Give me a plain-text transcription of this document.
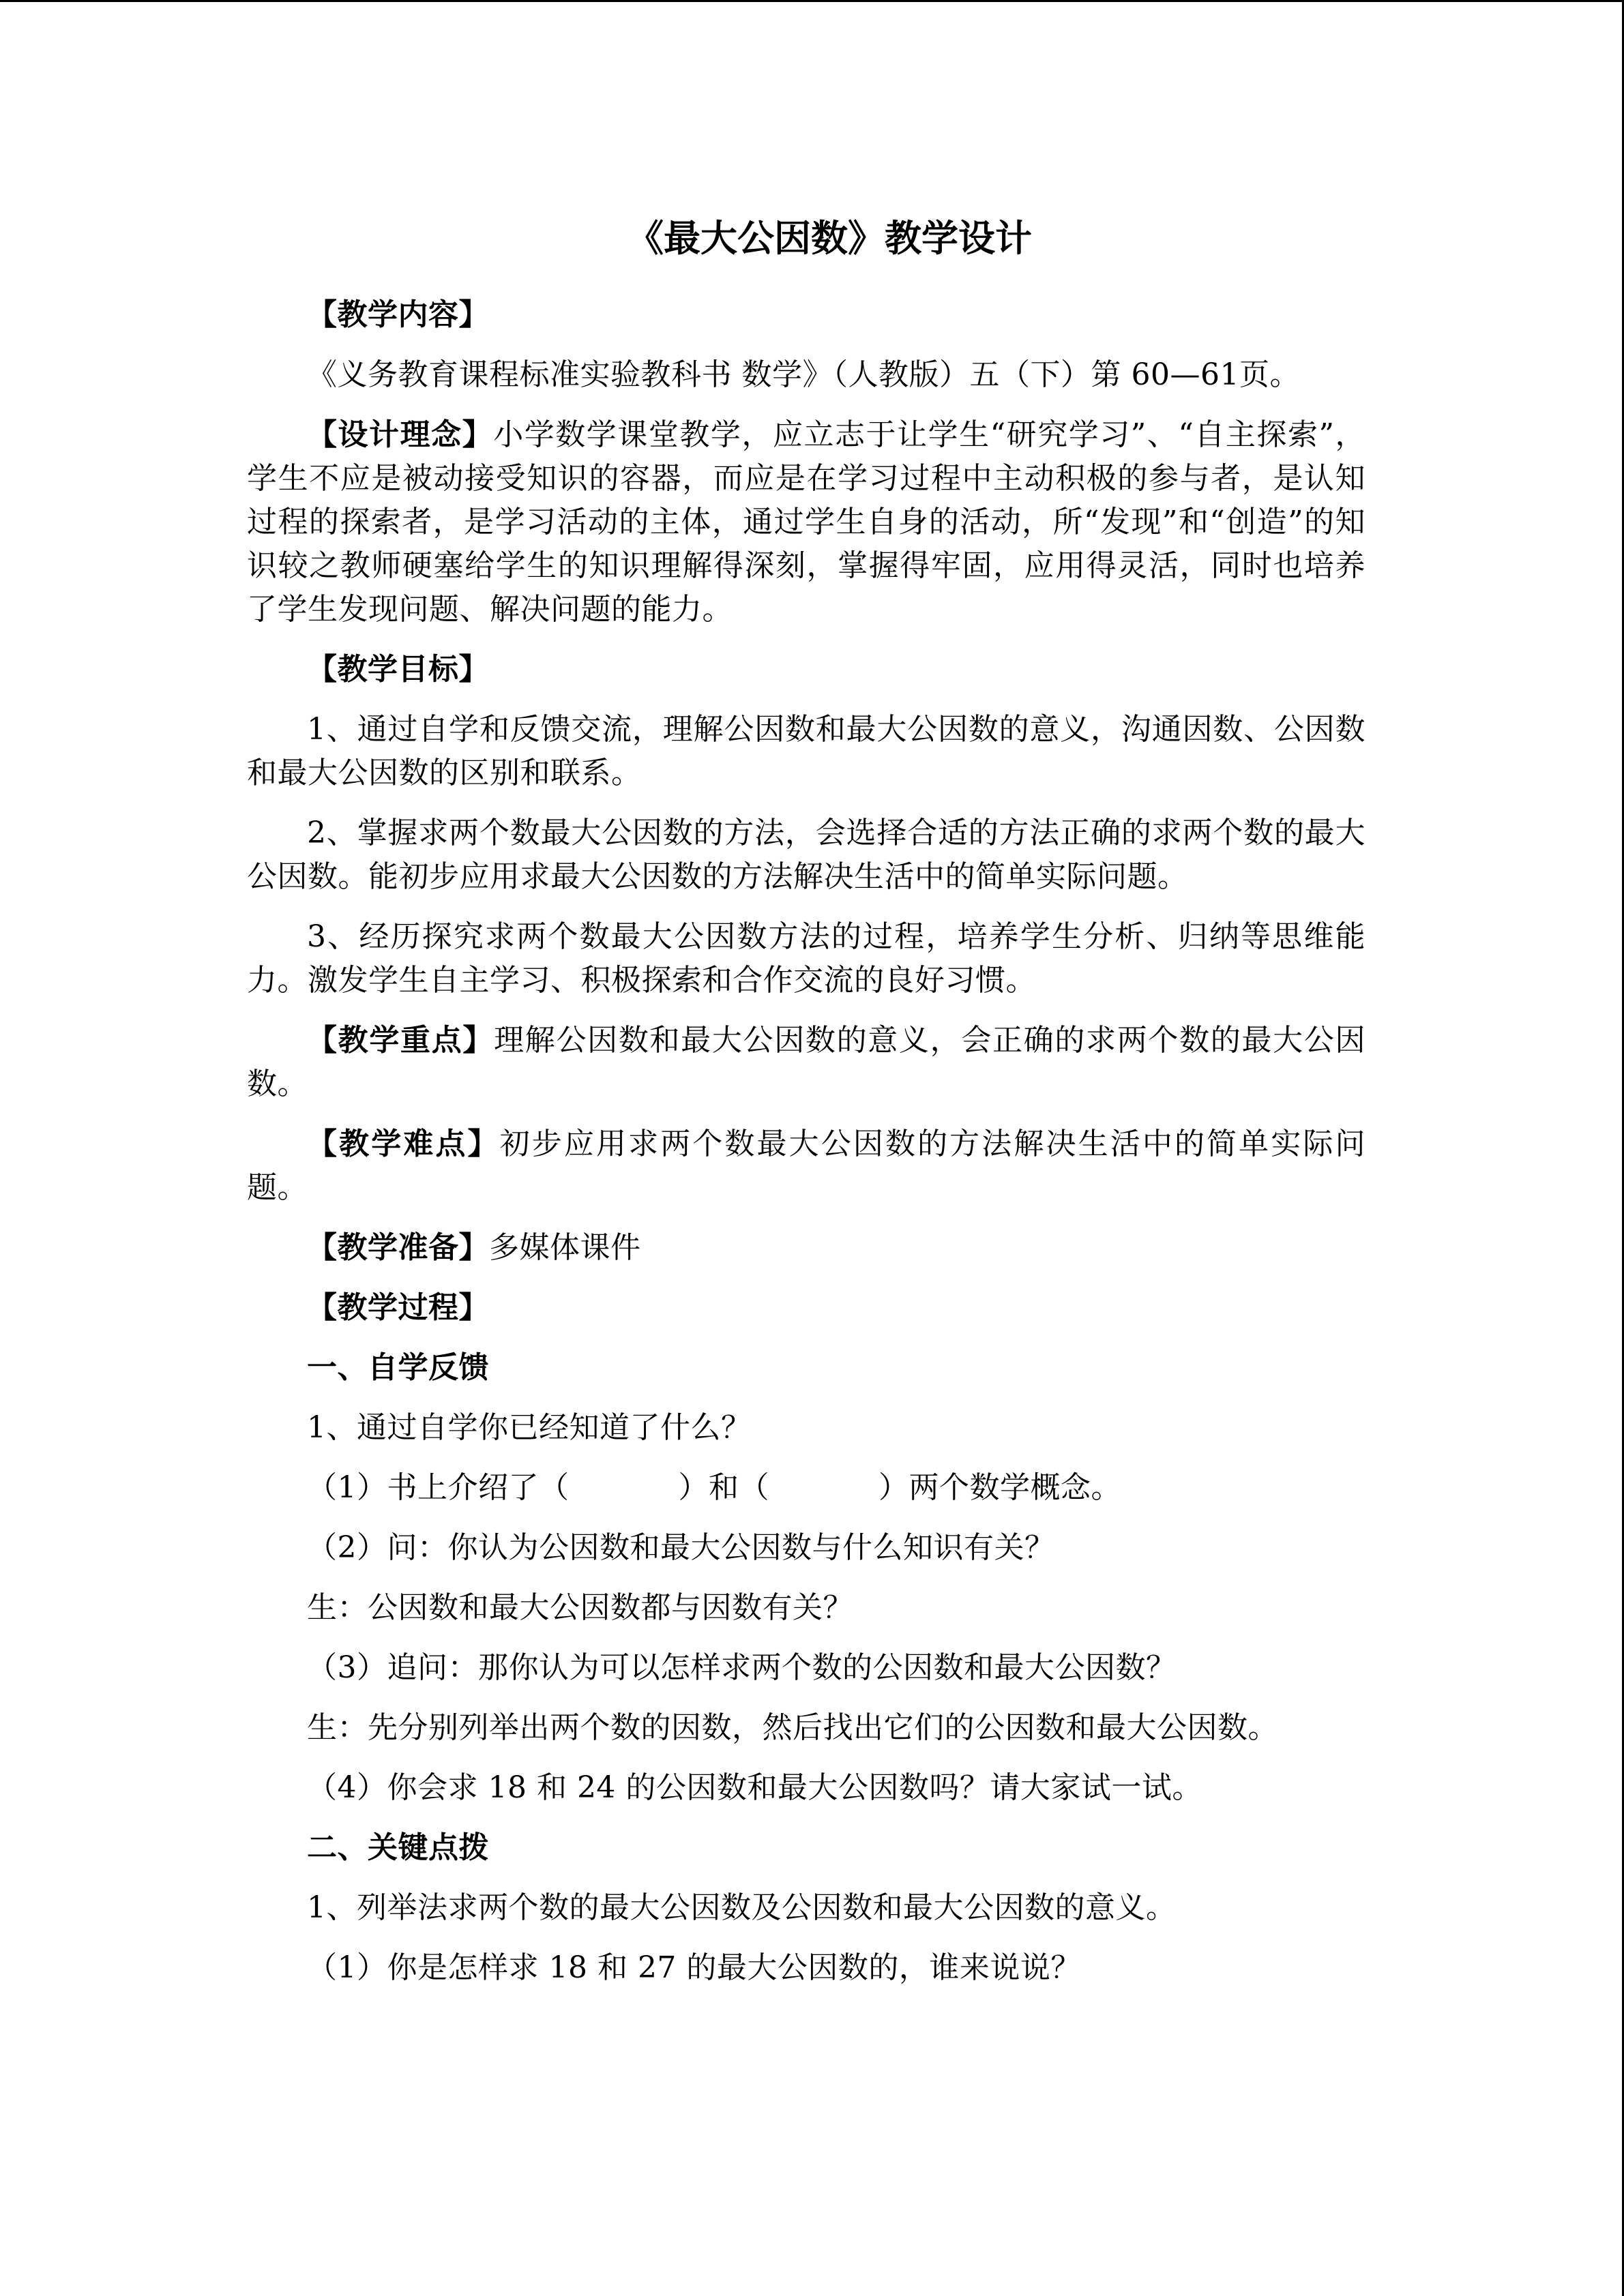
《最大公因数》教学设计

【教学内容】

《义务教育课程标准实验教科书 数学》（人教版）五（下）第 60—61页。

【设计理念】小学数学课堂教学，应立志于让学生“研究学习”、“自主探索”，学生不应是被动接受知识的容器，而应是在学习过程中主动积极的参与者，是认知过程的探索者，是学习活动的主体，通过学生自身的活动，所“发现”和“创造”的知识较之教师硬塞给学生的知识理解得深刻，掌握得牢固，应用得灵活，同时也培养了学生发现问题、解决问题的能力。

【教学目标】

1、通过自学和反馈交流，理解公因数和最大公因数的意义，沟通因数、公因数和最大公因数的区别和联系。

2、掌握求两个数最大公因数的方法，会选择合适的方法正确的求两个数的最大公因数。能初步应用求最大公因数的方法解决生活中的简单实际问题。

3、经历探究求两个数最大公因数方法的过程，培养学生分析、归纳等思维能力。激发学生自主学习、积极探索和合作交流的良好习惯。

【教学重点】理解公因数和最大公因数的意义，会正确的求两个数的最大公因数。

【教学难点】初步应用求两个数最大公因数的方法解决生活中的简单实际问题。

【教学准备】多媒体课件

【教学过程】

一、自学反馈

1、通过自学你已经知道了什么？

（1）书上介绍了（	）和（	）两个数学概念。

（2）问：你认为公因数和最大公因数与什么知识有关？

生：公因数和最大公因数都与因数有关？

（3）追问：那你认为可以怎样求两个数的公因数和最大公因数？

生：先分别列举出两个数的因数，然后找出它们的公因数和最大公因数。

（4）你会求 18 和 24 的公因数和最大公因数吗？请大家试一试。

二、关键点拨

1、列举法求两个数的最大公因数及公因数和最大公因数的意义。

（1）你是怎样求 18 和 27 的最大公因数的，谁来说说？
